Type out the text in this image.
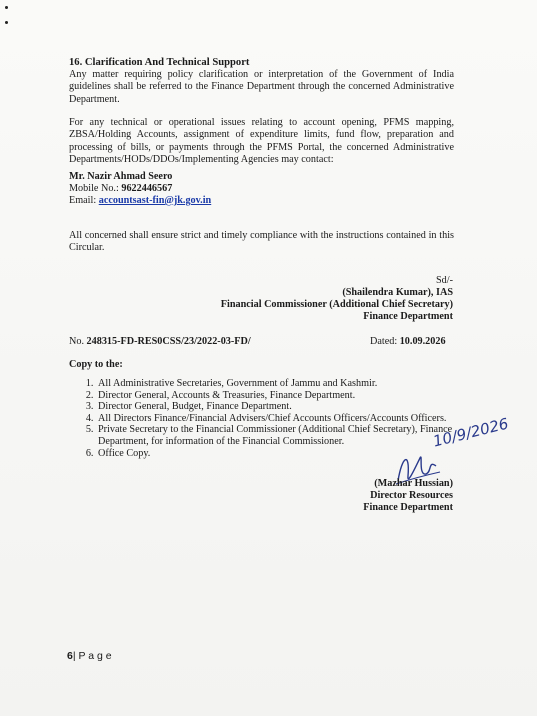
16. Clarification And Technical Support
Any matter requiring policy clarification or interpretation of the Government of India guidelines shall be referred to the Finance Department through the concerned Administrative Department.
For any technical or operational issues relating to account opening, PFMS mapping, ZBSA/Holding Accounts, assignment of expenditure limits, fund flow, preparation and processing of bills, or payments through the PFMS Portal, the concerned Administrative Departments/HODs/DDOs/Implementing Agencies may contact:
Mr. Nazir Ahmad Seero
Mobile No.: 9622446567
Email: accountsast-fin@jk.gov.in
All concerned shall ensure strict and timely compliance with the instructions contained in this Circular.
Sd/-
(Shailendra Kumar), IAS
Financial Commissioner (Additional Chief Secretary)
Finance Department
No. 248315-FD-RES0CSS/23/2022-03-FD/	Dated: 10.09.2026
Copy to the:
1. All Administrative Secretaries, Government of Jammu and Kashmir.
2. Director General, Accounts & Treasuries, Finance Department.
3. Director General, Budget, Finance Department.
4. All Directors Finance/Financial Advisers/Chief Accounts Officers/Accounts Officers.
5. Private Secretary to the Financial Commissioner (Additional Chief Secretary), Finance Department, for information of the Financial Commissioner.
6. Office Copy.
10/9/2026
(Mazhar Hussian)
Director Resources
Finance Department
6| P a g e
